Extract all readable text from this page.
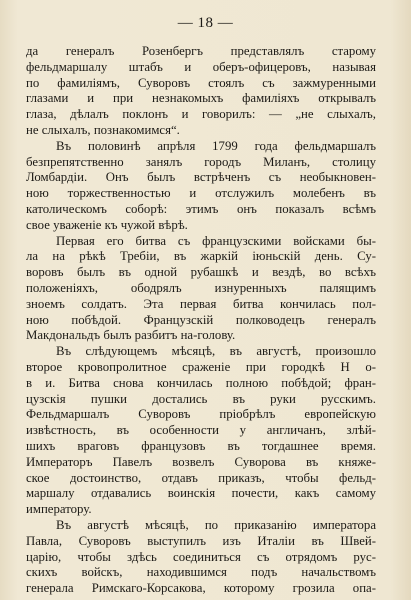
— 18 —

да генералъ Розенбергъ представлялъ старому
фельдмаршалу штабъ и оберъ-офицеровъ, называя
по фамиліямъ, Суворовъ стоялъ съ зажмуренными
глазами и при незнакомыхъ фамиліяхъ открывалъ
глаза, дѣлалъ поклонъ и говорилъ: — „не слыхалъ,
не слыхалъ, познакомимся“.

Въ половинѣ апрѣля 1799 года фельдмаршалъ
безпрепятственно занялъ городъ Миланъ, столицу
Ломбардіи. Онъ былъ встрѣченъ съ необыкновен-
ною торжественностью и отслужилъ молебенъ въ
католическомъ соборѣ: этимъ онъ показалъ всѣмъ
свое уваженіе къ чужой вѣрѣ.

Первая его битва съ французскими войсками бы-
ла на рѣкѣ Требіи, въ жаркій іюньскій день. Су-
воровъ былъ въ одной рубашкѣ и вездѣ, во всѣхъ
положеніяхъ, ободрялъ изнуренныхъ палящимъ
зноемъ солдатъ. Эта первая битва кончилась пол-
ною побѣдой. Французскій полководецъ генералъ
Макдональдъ былъ разбитъ на-голову.

Въ слѣдующемъ мѣсяцѣ, въ августѣ, произошло
второе кровопролитное сраженіе при городкѣ Н о-
в и. Битва снова кончилась полною побѣдой; фран-
цузскія пушки достались въ руки русскимъ.
Фельдмаршалъ Суворовъ пріобрѣлъ европейскую
извѣстность, въ особенности у англичанъ, злѣй-
шихъ враговъ французовъ въ тогдашнее время.
Императоръ Павелъ возвелъ Суворова въ княже-
ское достоинство, отдавъ приказъ, чтобы фельд-
маршалу отдавались воинскія почести, какъ самому
императору.

Въ августѣ мѣсяцѣ, по приказанію императора
Павла, Суворовъ выступилъ изъ Италіи въ Швей-
царію, чтобы здѣсь соединиться съ отрядомъ рус-
скихъ войскъ, находившимся подъ начальствомъ
генерала Римскаго-Корсакова, которому грозила опа-
